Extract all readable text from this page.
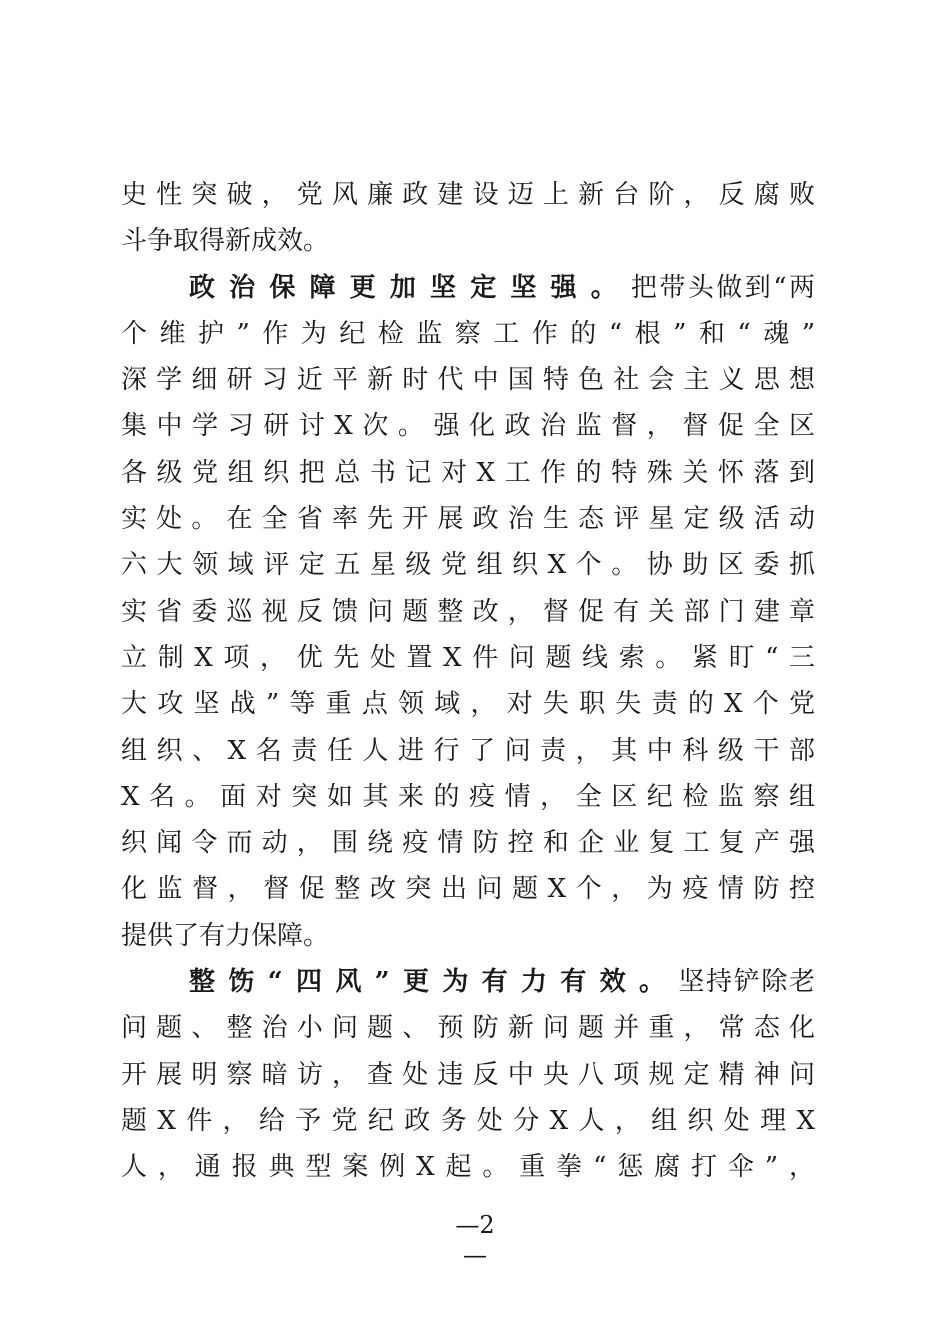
史性突破，党风廉政建设迈上新台阶，反腐败
斗争取得新成效。
政治保障更加坚定坚强。把带头做到“两
个维护”作为纪检监察工作的“根”和“魂”
深学细研习近平新时代中国特色社会主义思想
集中学习研讨X次。强化政治监督，督促全区
各级党组织把总书记对X工作的特殊关怀落到
实处。在全省率先开展政治生态评星定级活动
六大领域评定五星级党组织X个。协助区委抓
实省委巡视反馈问题整改，督促有关部门建章
立制X项，优先处置X件问题线索。紧盯“三
大攻坚战”等重点领域，对失职失责的X个党
组织、X名责任人进行了问责，其中科级干部
X名。面对突如其来的疫情，全区纪检监察组
织闻令而动，围绕疫情防控和企业复工复产强
化监督，督促整改突出问题X个，为疫情防控
提供了有力保障。
整饬“四风”更为有力有效。坚持铲除老
问题、整治小问题、预防新问题并重，常态化
开展明察暗访，查处违反中央八项规定精神问
题X件，给予党纪政务处分X人，组织处理X
人，通报典型案例X起。重拳“惩腐打伞”，
—2
—
